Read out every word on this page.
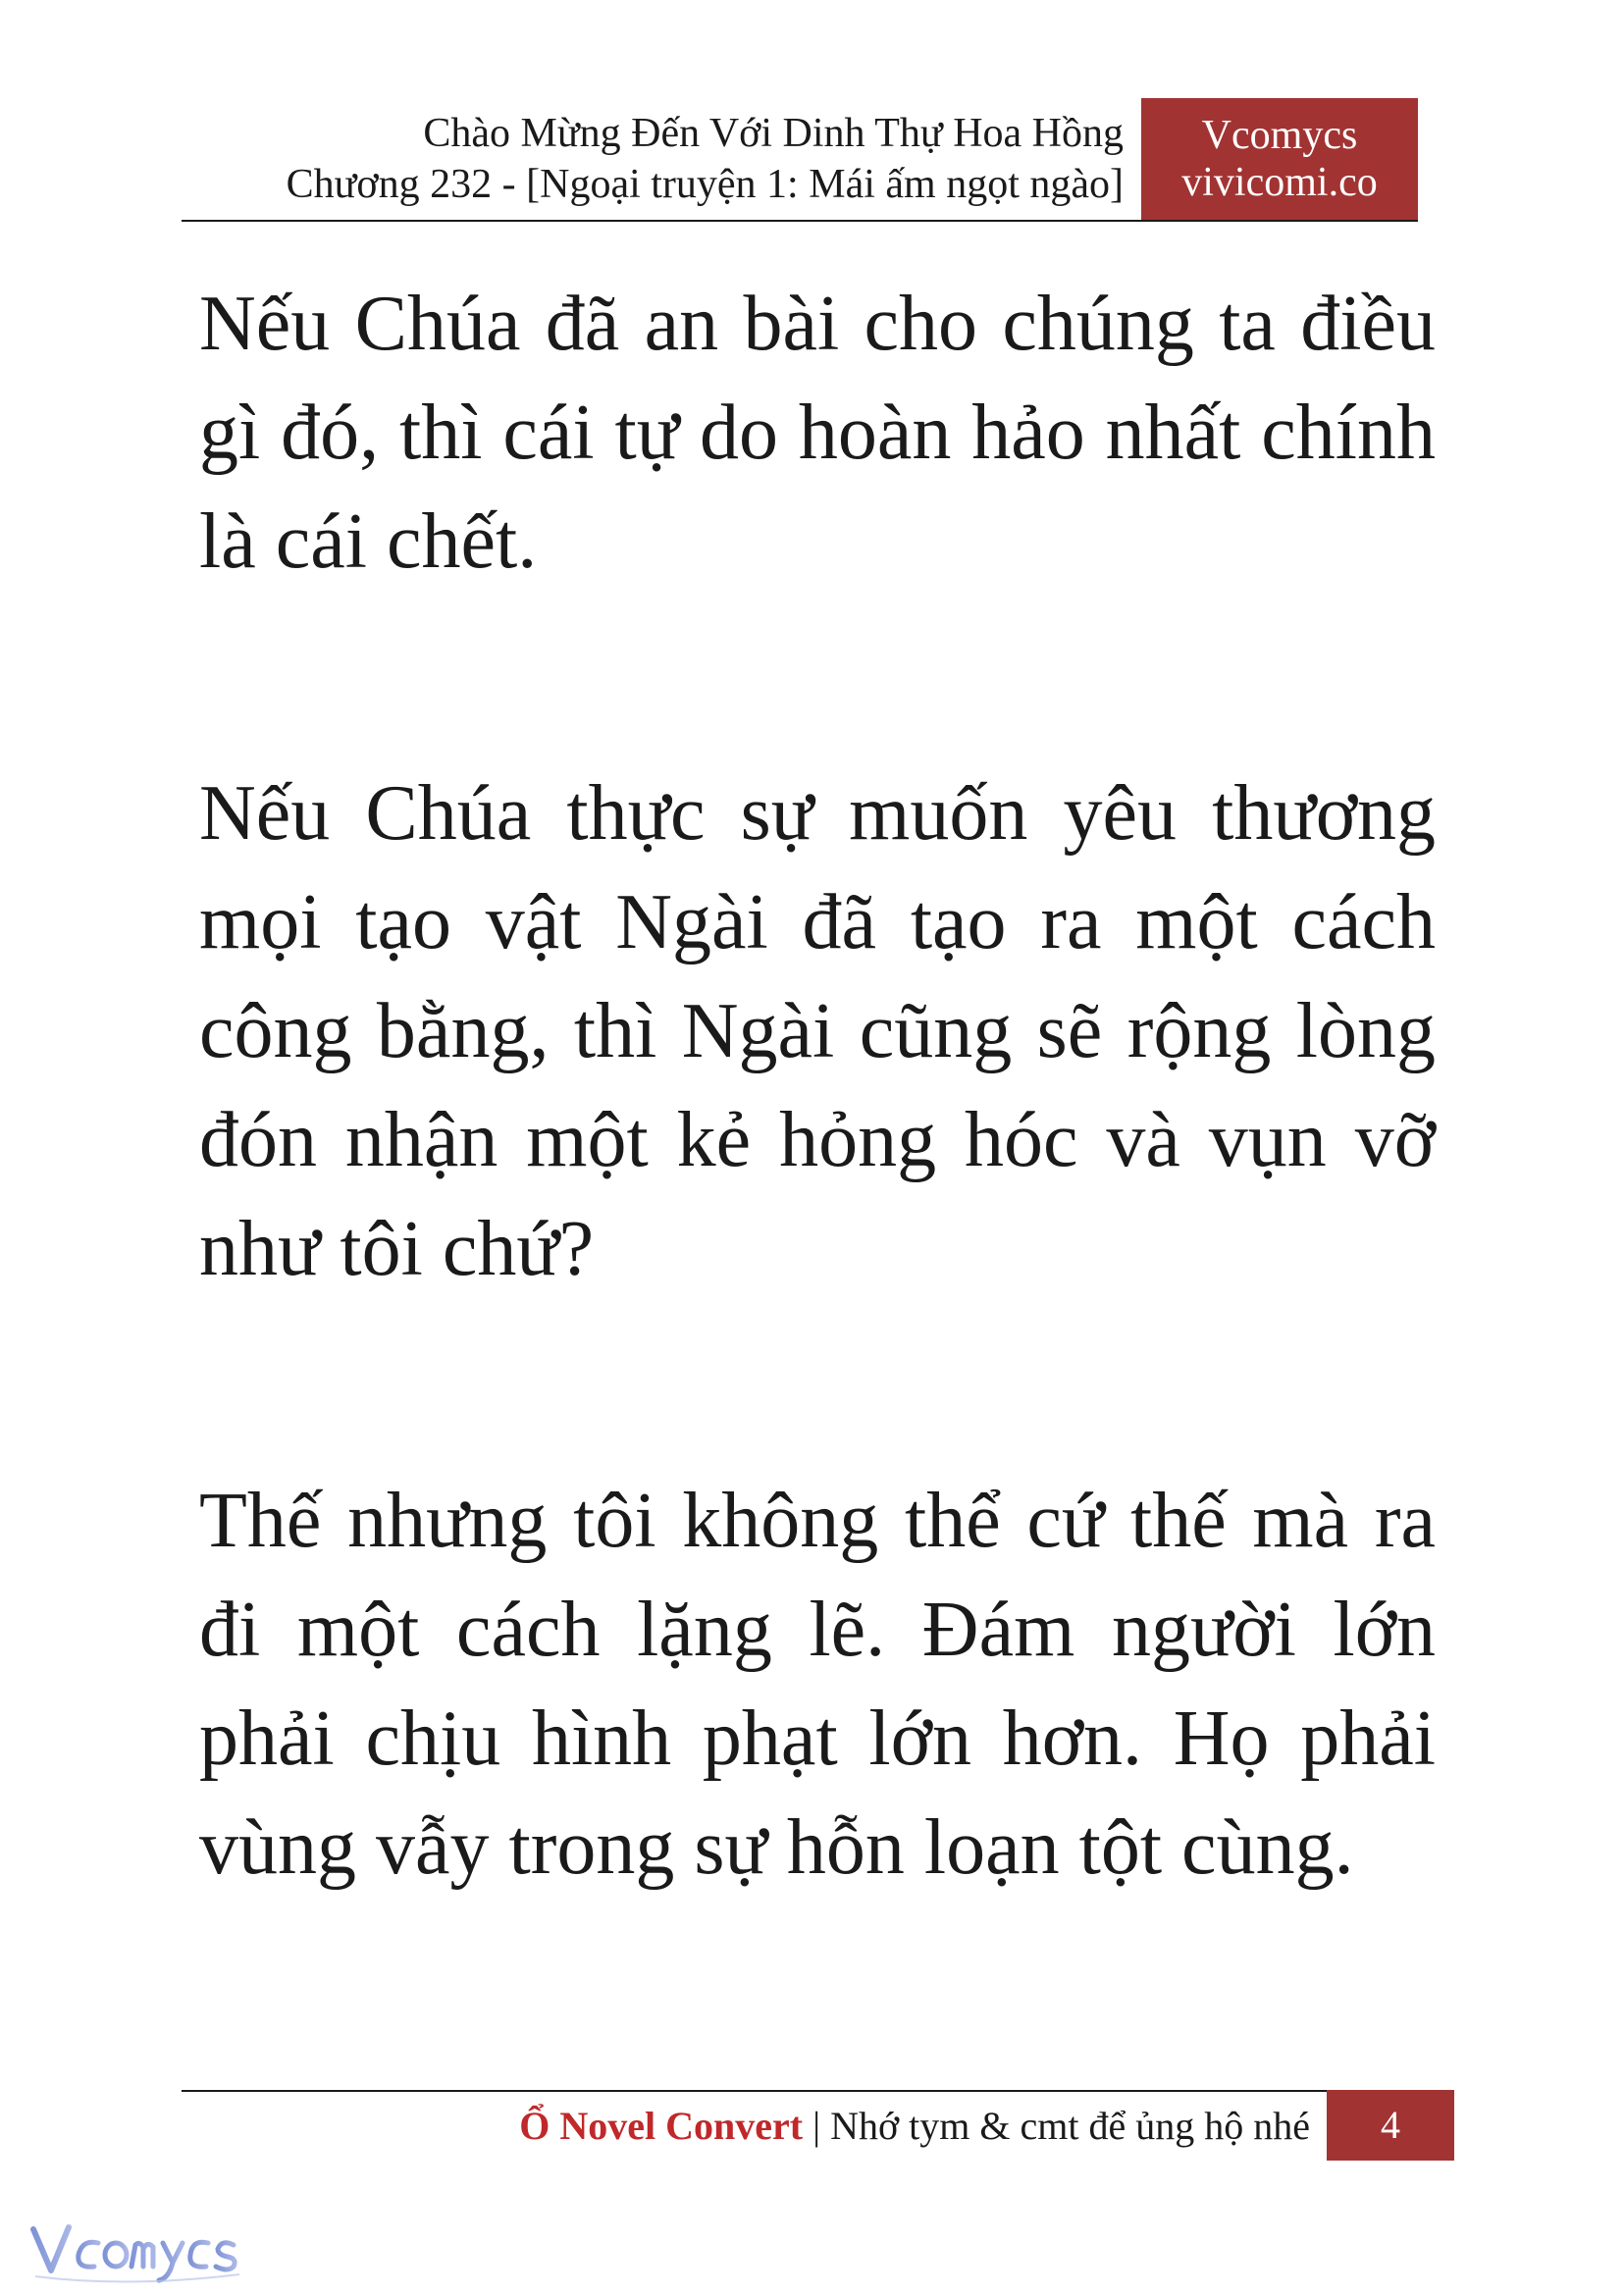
Chào Mừng Đến Với Dinh Thự Hoa Hồng
Chương 232 - [Ngoại truyện 1: Mái ấm ngọt ngào]
Vcomycs
vivicomi.co

Nếu Chúa đã an bài cho chúng ta điều gì đó, thì cái tự do hoàn hảo nhất chính là cái chết.

Nếu Chúa thực sự muốn yêu thương mọi tạo vật Ngài đã tạo ra một cách công bằng, thì Ngài cũng sẽ rộng lòng đón nhận một kẻ hỏng hóc và vụn vỡ như tôi chứ?

Thế nhưng tôi không thể cứ thế mà ra đi một cách lặng lẽ. Đám người lớn phải chịu hình phạt lớn hơn. Họ phải vùng vẫy trong sự hỗn loạn tột cùng.

Ổ Novel Convert | Nhớ tym & cmt để ủng hộ nhé	4
